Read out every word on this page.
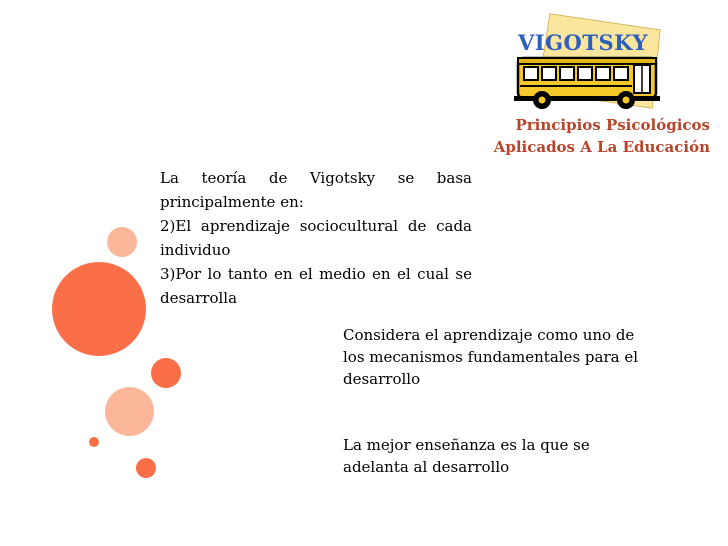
VIGOTSKY
Principios Psicológicos
Aplicados A La Educación

La teoría de Vigotsky se basa principalmente en:

2)El aprendizaje sociocultural de cada individuo

3)Por lo tanto en el medio en el cual se desarrolla

Considera el aprendizaje como uno de los mecanismos fundamentales para el desarrollo

La mejor enseñanza es la que se adelanta al desarrollo
